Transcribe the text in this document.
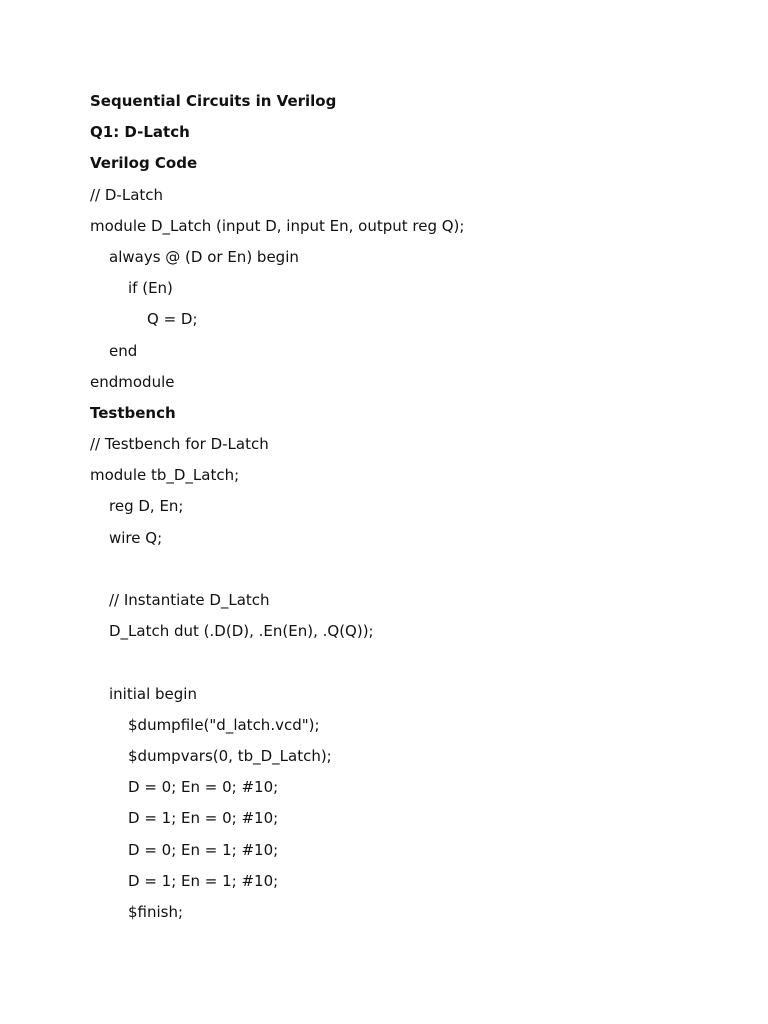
Sequential Circuits in Verilog
Q1: D-Latch
Verilog Code
// D-Latch
module D_Latch (input D, input En, output reg Q);
always @ (D or En) begin
if (En)
Q = D;
end
endmodule
Testbench
// Testbench for D-Latch
module tb_D_Latch;
reg D, En;
wire Q;
// Instantiate D_Latch
D_Latch dut (.D(D), .En(En), .Q(Q));
initial begin
$dumpfile("d_latch.vcd");
$dumpvars(0, tb_D_Latch);
D = 0; En = 0; #10;
D = 1; En = 0; #10;
D = 0; En = 1; #10;
D = 1; En = 1; #10;
$finish;
